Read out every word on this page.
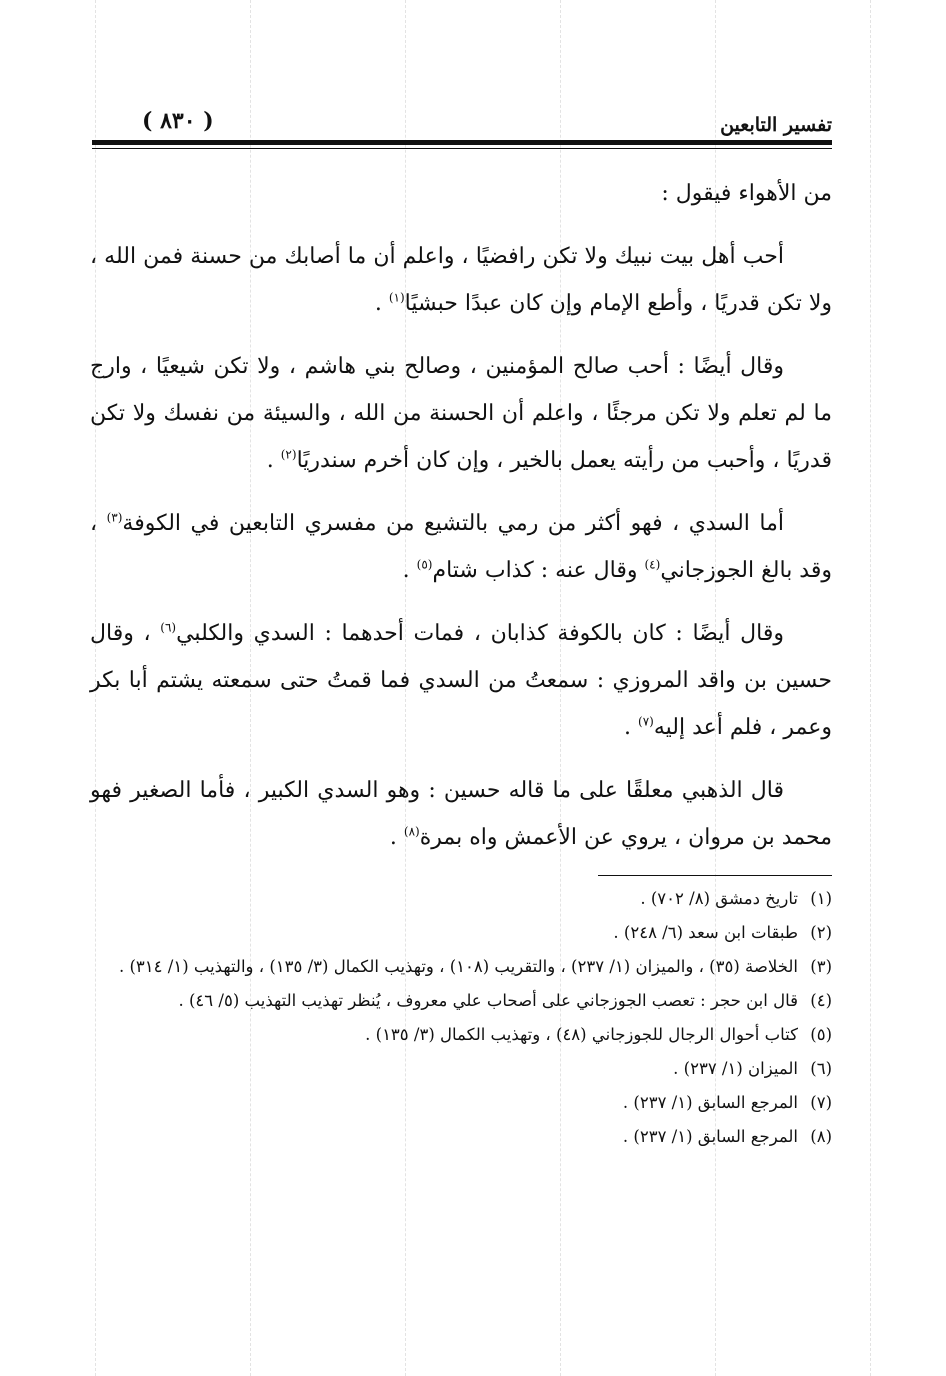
تفسير التابعين
( ٨٣٠ )

من الأهواء فيقول :

أحب أهل بيت نبيك ولا تكن رافضيًا ، واعلم أن ما أصابك من حسنة فمن الله ، ولا تكن قدريًا ، وأطع الإمام وإن كان عبدًا حبشيًا$^{(١)}$ .

وقال أيضًا : أحب صالح المؤمنين ، وصالح بني هاشم ، ولا تكن شيعيًا ، وارج ما لم تعلم ولا تكن مرجئًا ، واعلم أن الحسنة من الله ، والسيئة من نفسك ولا تكن قدريًا ، وأحبب من رأيته يعمل بالخير ، وإن كان أخرم سندريًا$^{(٢)}$ .

أما السدي ، فهو أكثر من رمي بالتشيع من مفسري التابعين في الكوفة$^{(٣)}$ ، وقد بالغ الجوزجاني$^{(٤)}$ وقال عنه : كذاب شتام$^{(٥)}$ .

وقال أيضًا : كان بالكوفة كذابان ، فمات أحدهما : السدي والكلبي$^{(٦)}$ ، وقال حسين بن واقد المروزي : سمعتُ من السدي فما قمتُ حتى سمعته يشتم أبا بكر وعمر ، فلم أعد إليه$^{(٧)}$ .

قال الذهبي معلقًا على ما قاله حسين : وهو السدي الكبير ، فأما الصغير فهو محمد بن مروان ، يروي عن الأعمش واه بمرة$^{(٨)}$ .

(١)
تاريخ دمشق (٨/ ٧٠٢) .
(٢)
طبقات ابن سعد (٦/ ٢٤٨) .
(٣)
الخلاصة (٣٥) ، والميزان (١/ ٢٣٧) ، والتقريب (١٠٨) ، وتهذيب الكمال (٣/ ١٣٥) ، والتهذيب (١/ ٣١٤) .
(٤)
قال ابن حجر : تعصب الجوزجاني على أصحاب علي معروف ، يُنظر تهذيب التهذيب (٥/ ٤٦) .
(٥)
كتاب أحوال الرجال للجوزجاني (٤٨) ، وتهذيب الكمال (٣/ ١٣٥) .
(٦)
الميزان (١/ ٢٣٧) .
(٧)
المرجع السابق (١/ ٢٣٧) .
(٨)
المرجع السابق (١/ ٢٣٧) .
